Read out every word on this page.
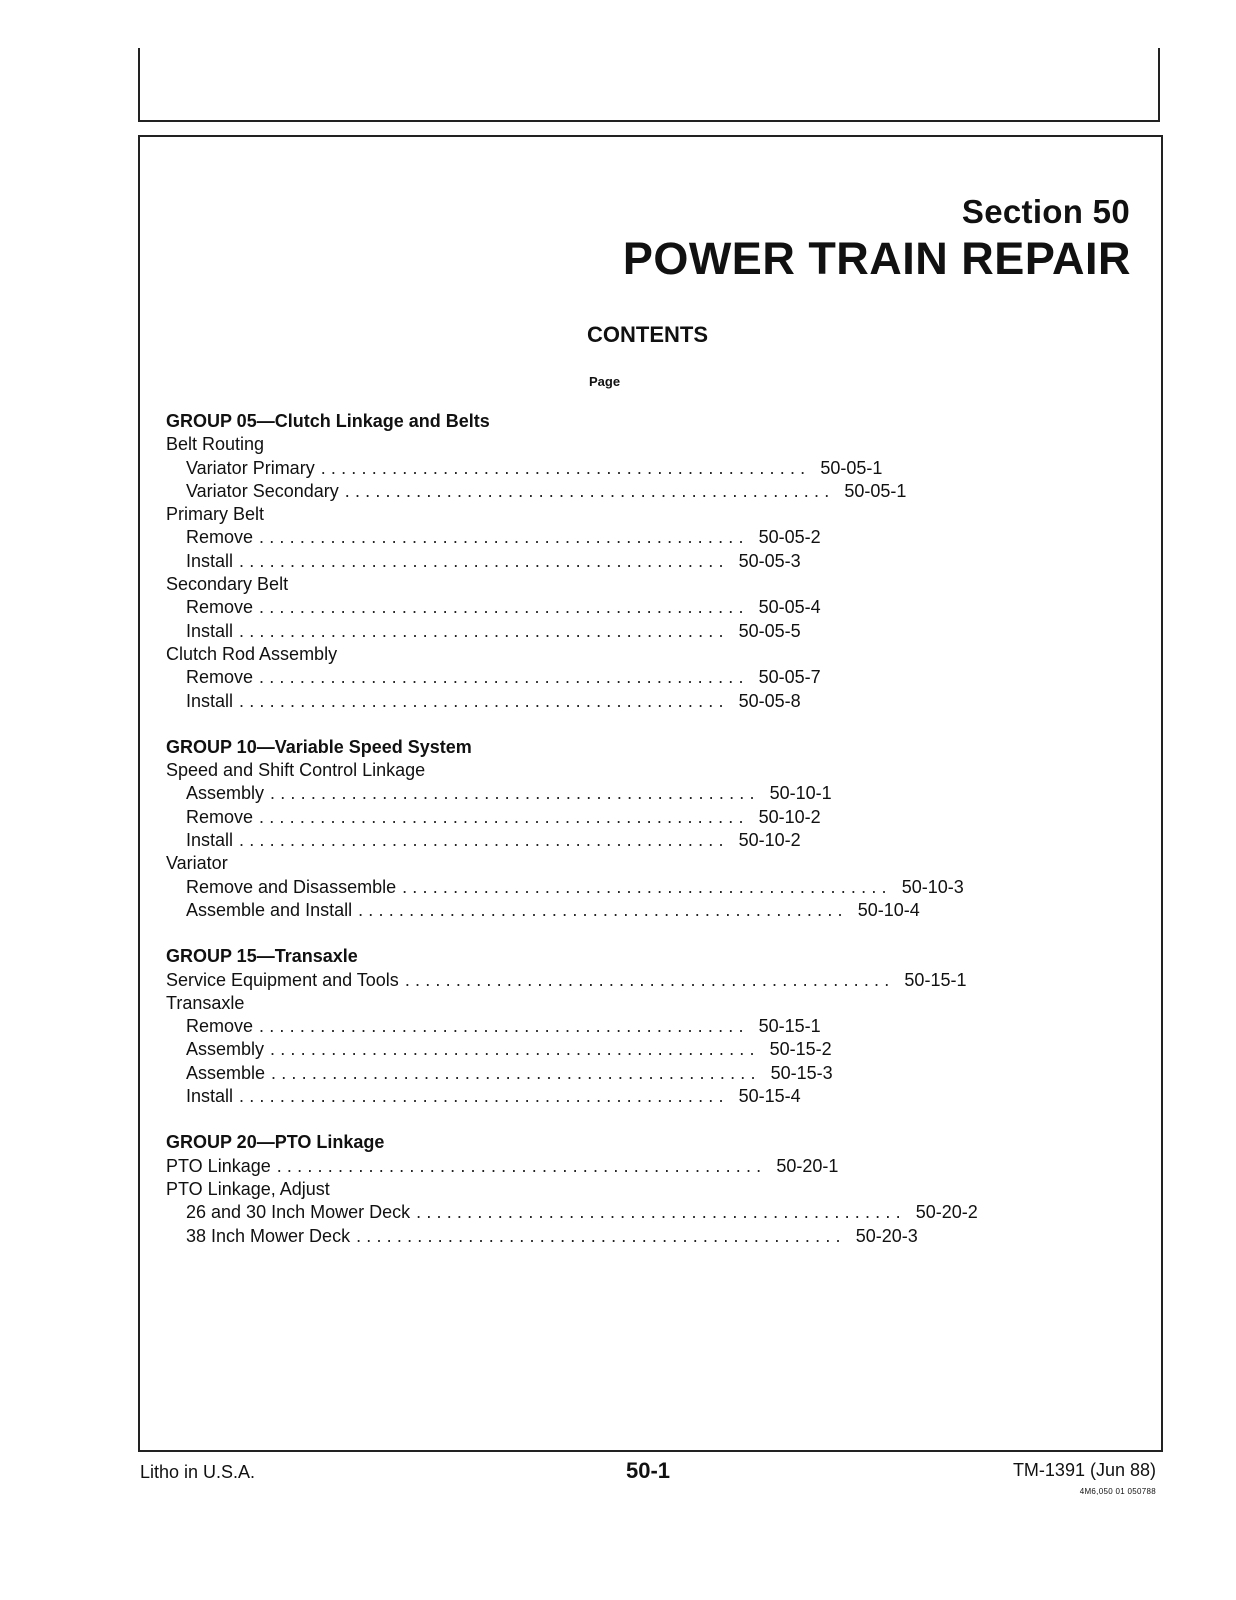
Section 50
POWER TRAIN REPAIR
CONTENTS
Page
GROUP 05—Clutch Linkage and Belts
Belt Routing
Variator Primary ................................................ 50-05-1
Variator Secondary ................................................ 50-05-1
Primary Belt
Remove ................................................ 50-05-2
Install ................................................ 50-05-3
Secondary Belt
Remove ................................................ 50-05-4
Install ................................................ 50-05-5
Clutch Rod Assembly
Remove ................................................ 50-05-7
Install ................................................ 50-05-8
GROUP 10—Variable Speed System
Speed and Shift Control Linkage
Assembly ................................................ 50-10-1
Remove ................................................ 50-10-2
Install ................................................ 50-10-2
Variator
Remove and Disassemble ................................................ 50-10-3
Assemble and Install ................................................ 50-10-4
GROUP 15—Transaxle
Service Equipment and Tools ................................................ 50-15-1
Transaxle
Remove ................................................ 50-15-1
Assembly ................................................ 50-15-2
Assemble ................................................ 50-15-3
Install ................................................ 50-15-4
GROUP 20—PTO Linkage
PTO Linkage ................................................ 50-20-1
PTO Linkage, Adjust
26 and 30 Inch Mower Deck ................................................ 50-20-2
38 Inch Mower Deck ................................................ 50-20-3
Litho in U.S.A.	50-1	TM-1391 (Jun 88)
4M6,050 01 050788
